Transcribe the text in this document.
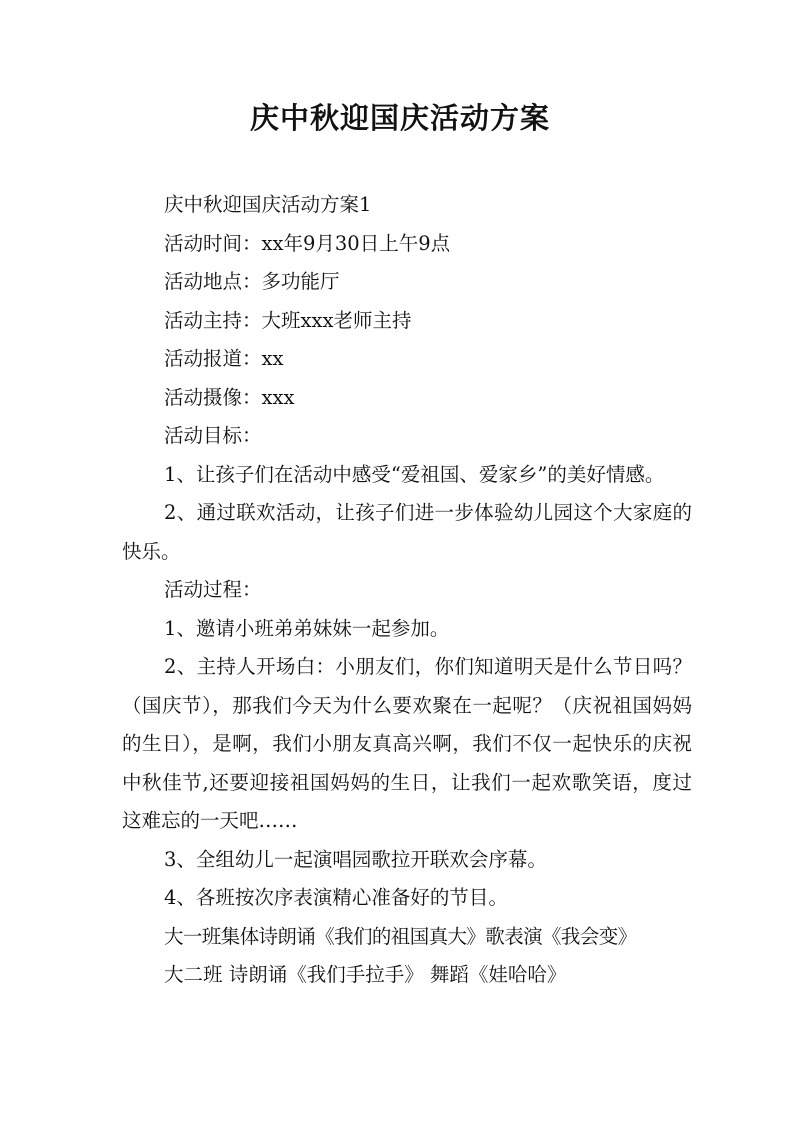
庆中秋迎国庆活动方案
庆中秋迎国庆活动方案1
活动时间：xx年9月30日上午9点
活动地点：多功能厅
活动主持：大班xxx老师主持
活动报道：xx
活动摄像：xxx
活动目标：
1、让孩子们在活动中感受“爱祖国、爱家乡”的美好情感。
2、通过联欢活动，让孩子们进一步体验幼儿园这个大家庭的快乐。
活动过程：
1、邀请小班弟弟妹妹一起参加。
2、主持人开场白：小朋友们，你们知道明天是什么节日吗？（国庆节），那我们今天为什么要欢聚在一起呢？（庆祝祖国妈妈的生日），是啊，我们小朋友真高兴啊，我们不仅一起快乐的庆祝中秋佳节,还要迎接祖国妈妈的生日，让我们一起欢歌笑语，度过这难忘的一天吧……
3、全组幼儿一起演唱园歌拉开联欢会序幕。
4、各班按次序表演精心准备好的节目。
大一班集体诗朗诵《我们的祖国真大》歌表演《我会变》
大二班 诗朗诵《我们手拉手》 舞蹈《娃哈哈》
